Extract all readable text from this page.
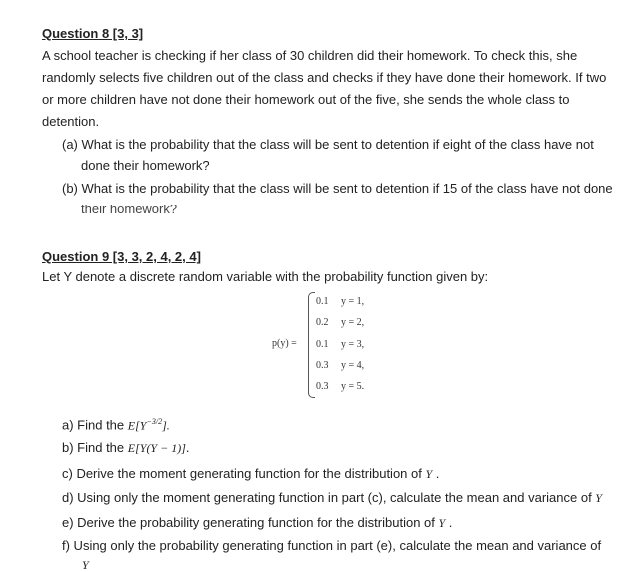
Question 8 [3, 3]
A school teacher is checking if her class of 30 children did their homework. To check this, she
randomly selects five children out of the class and checks if they have done their homework. If two
or more children have not done their homework out of the five, she sends the whole class to
detention.
(a) What is the probability that the class will be sent to detention if eight of the class have not
done their homework?
(b) What is the probability that the class will be sent to detention if 15 of the class have not done
their homework?
Question 9 [3, 3, 2, 4, 2, 4]
Let Y denote a discrete random variable with the probability function given by:
p(y) =
0.1 y = 1,
0.2 y = 2,
0.1 y = 3,
0.3 y = 4,
0.3 y = 5.
a) Find the $E[Y^{-3/2}]$.
b) Find the E[Y(Y − 1)].
c) Derive the moment generating function for the distribution of Y .
d) Using only the moment generating function in part (c), calculate the mean and variance of Y
e) Derive the probability generating function for the distribution of Y .
f) Using only the probability generating function in part (e), calculate the mean and variance of
Y
